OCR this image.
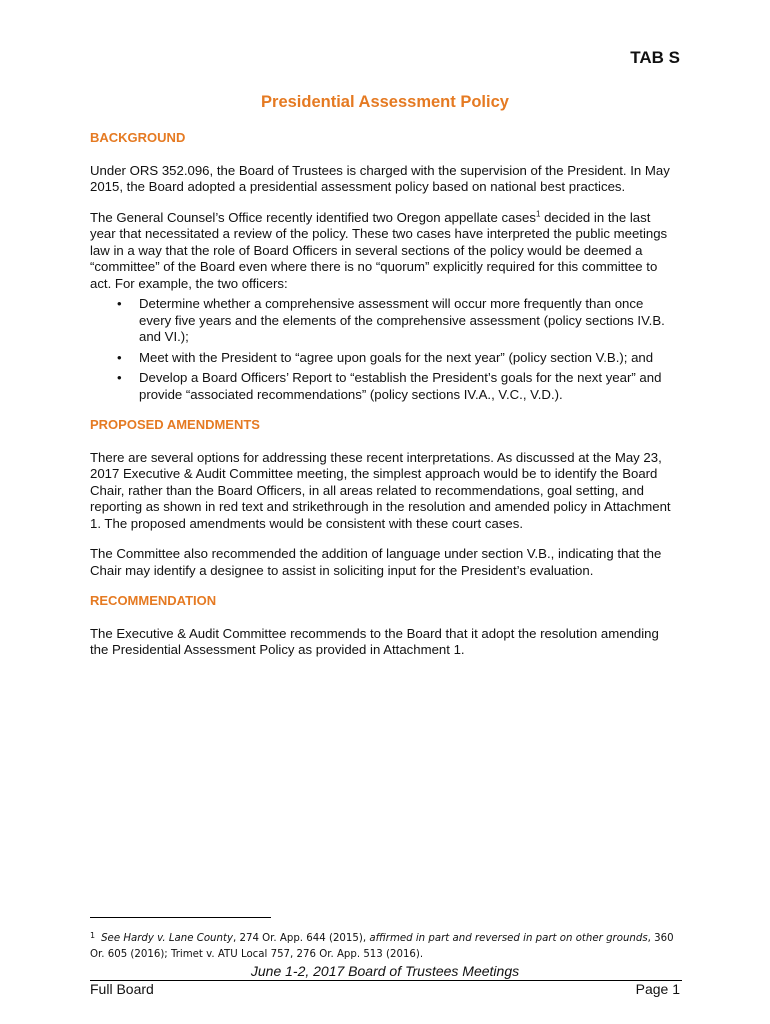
TAB S
Presidential Assessment Policy
BACKGROUND

Under ORS 352.096, the Board of Trustees is charged with the supervision of the President. In May 2015, the Board adopted a presidential assessment policy based on national best practices.

The General Counsel’s Office recently identified two Oregon appellate cases$^1$ decided in the last year that necessitated a review of the policy. These two cases have interpreted the public meetings law in a way that the role of Board Officers in several sections of the policy would be deemed a “committee” of the Board even where there is no “quorum” explicitly required for this committee to act. For example, the two officers:

• Determine whether a comprehensive assessment will occur more frequently than once every five years and the elements of the comprehensive assessment (policy sections IV.B. and VI.);
• Meet with the President to “agree upon goals for the next year” (policy section V.B.); and
• Develop a Board Officers’ Report to “establish the President’s goals for the next year” and provide “associated recommendations” (policy sections IV.A., V.C., V.D.).
PROPOSED AMENDMENTS

There are several options for addressing these recent interpretations. As discussed at the May 23, 2017 Executive & Audit Committee meeting, the simplest approach would be to identify the Board Chair, rather than the Board Officers, in all areas related to recommendations, goal setting, and reporting as shown in red text and strikethrough in the resolution and amended policy in Attachment 1. The proposed amendments would be consistent with these court cases.

The Committee also recommended the addition of language under section V.B., indicating that the Chair may identify a designee to assist in soliciting input for the President’s evaluation.

RECOMMENDATION

The Executive & Audit Committee recommends to the Board that it adopt the resolution amending the Presidential Assessment Policy as provided in Attachment 1.

$^1$ See Hardy v. Lane County, 274 Or. App. 644 (2015), affirmed in part and reversed in part on other grounds, 360 Or. 605 (2016); Trimet v. ATU Local 757, 276 Or. App. 513 (2016).
June 1-2, 2017 Board of Trustees Meetings
Full Board	Page 1
